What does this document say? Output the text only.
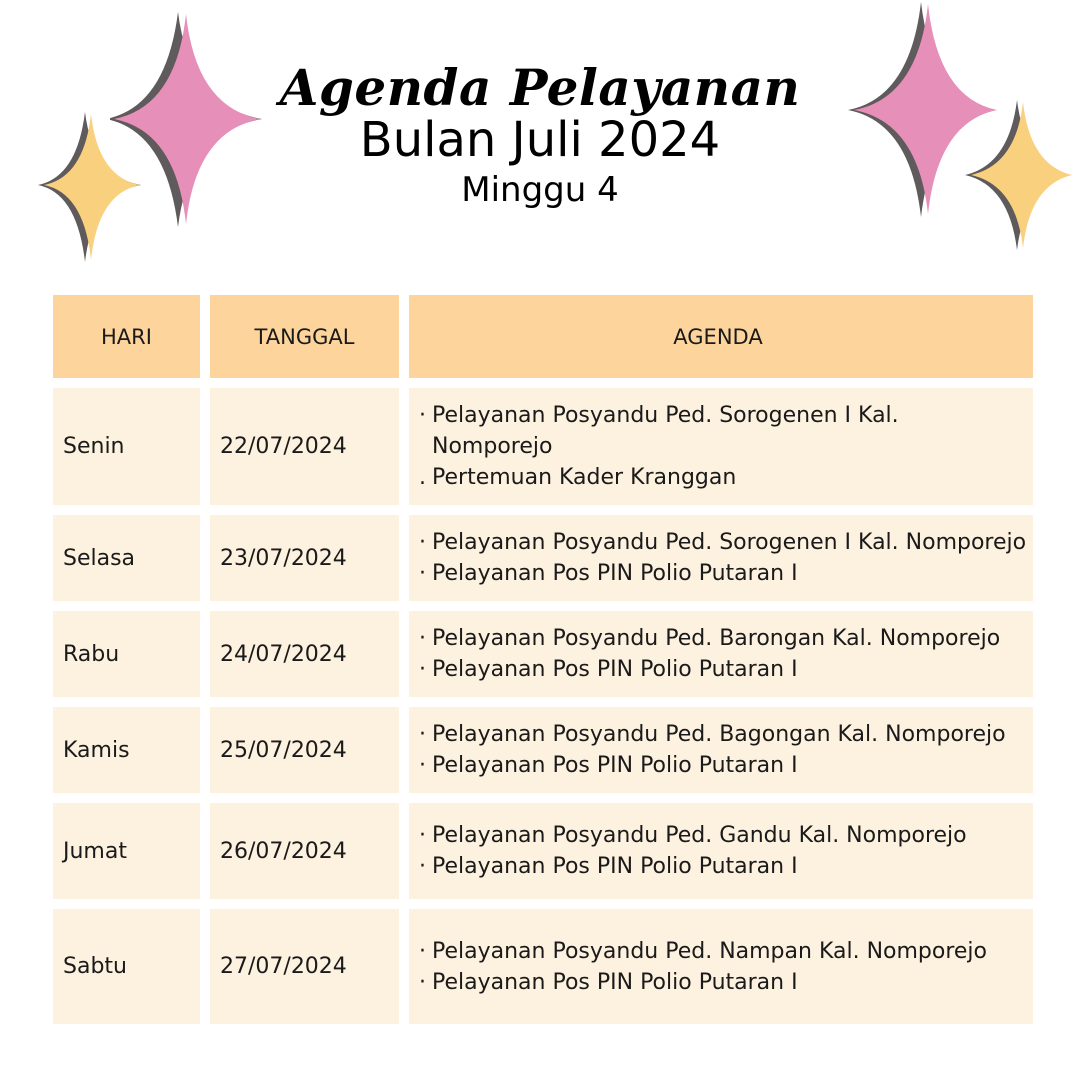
Agenda Pelayanan
Bulan Juli 2024
Minggu 4
HARI	TANGGAL	AGENDA
Senin	22/07/2024
· Pelayanan Posyandu Ped. Sorogenen I Kal. Nomporejo
. Pertemuan Kader Kranggan
Selasa	23/07/2024
· Pelayanan Posyandu Ped. Sorogenen I Kal. Nomporejo
· Pelayanan Pos PIN Polio Putaran I
Rabu	24/07/2024
· Pelayanan Posyandu Ped. Barongan Kal. Nomporejo
· Pelayanan Pos PIN Polio Putaran I
Kamis	25/07/2024
· Pelayanan Posyandu Ped. Bagongan Kal. Nomporejo
· Pelayanan Pos PIN Polio Putaran I
Jumat	26/07/2024
· Pelayanan Posyandu Ped. Gandu Kal. Nomporejo
· Pelayanan Pos PIN Polio Putaran I
Sabtu	27/07/2024
· Pelayanan Posyandu Ped. Nampan Kal. Nomporejo
· Pelayanan Pos PIN Polio Putaran I
